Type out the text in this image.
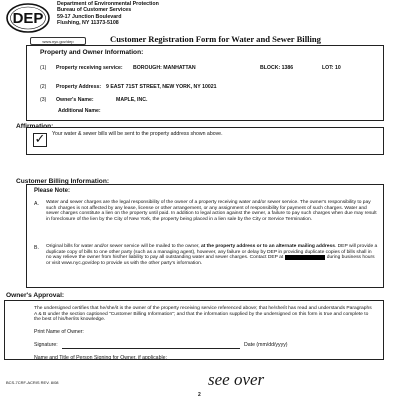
DEP
Department of Environmental Protection
Bureau of Customer Services
59-17 Junction Boulevard
Flushing, NY 11373-5108
www.nyc.gov/dep	Customer Registration Form for Water and Sewer Billing
Property and Owner Information:
(1) Property receiving service: BOROUGH: MANHATTAN	BLOCK: 1386	LOT: 10
(2) Property Address: 9 EAST 71ST STREET, NEW YORK, NY 10021
(3) Owner's Name:	MAPLE, INC.
Additional Name:
Affirmation:
✓ Your water & sewer bills will be sent to the property address shown above.
Customer Billing Information:
Please Note:
A. Water and sewer charges are the legal responsibility of the owner of a property receiving water and/or sewer service. The owner's responsibility to pay such charges is not affected by any lease, license or other arrangement, or any assignment of responsibility for payment of such charges. Water and sewer charges constitute a lien on the property until paid. In addition to legal action against the owner, a failure to pay such charges when due may result in foreclosure of the lien by the City of New York, the property being placed in a lien sale by the City or Service Termination.
B. Original bills for water and/or sewer service will be mailed to the owner, at the property address or to an alternate mailing address. DEP will provide a duplicate copy of bills to one other party (such as a managing agent), however, any failure or delay by DEP in providing duplicate copies of bills shall in no way relieve the owner from his/her liability to pay all outstanding water and sewer charges. Contact DEP at	during business hours or visit www.nyc.gov/dep to provide us with the other party's information.
Owner's Approval:
The undersigned certifies that he/she/it is the owner of the property receiving service referenced above; that he/she/it has read and understands Paragraphs A & B under the section captioned "Customer Billing Information"; and that the information supplied by the undersigned on this form is true and complete to the best of his/her/its knowledge.
Print Name of Owner:
Signature:	Date (mm/dd/yyyy)
Name and Title of Person Signing for Owner, if applicable:
BCS-7CRF-ACRIS REV. 8/08
2
see over
